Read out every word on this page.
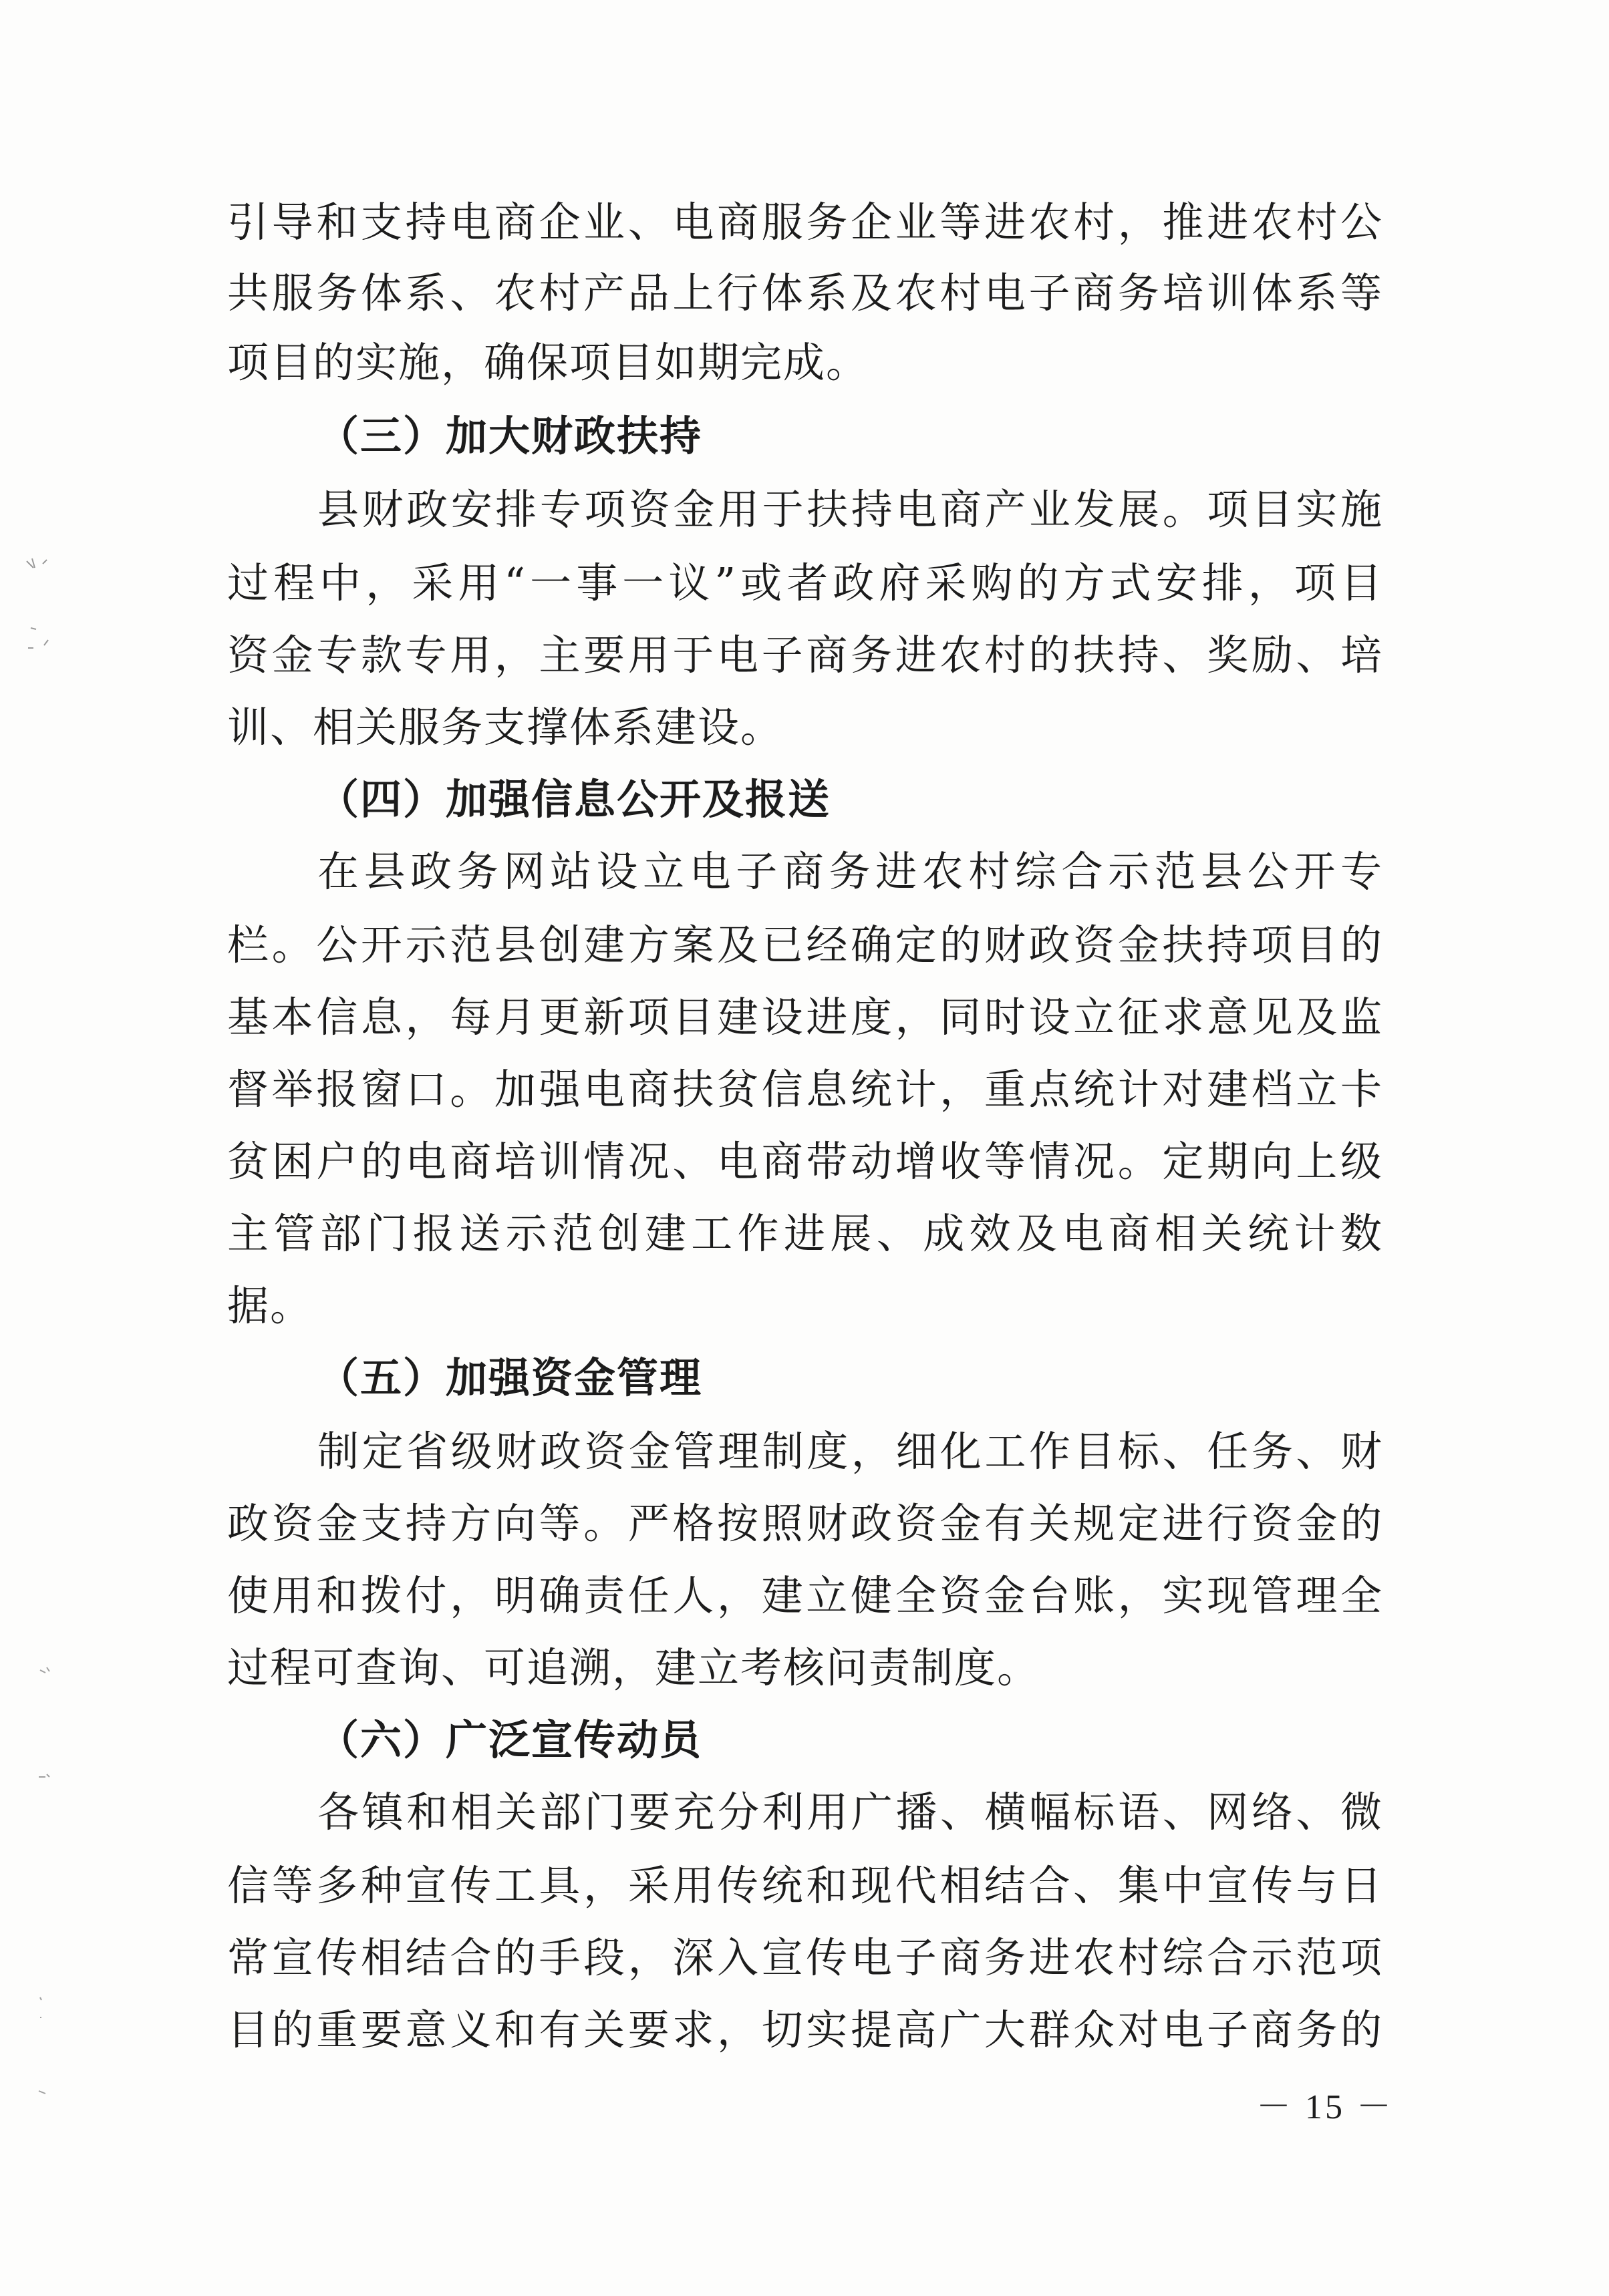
引导和支持电商企业、电商服务企业等进农村，推进农村公
共服务体系、农村产品上行体系及农村电子商务培训体系等
项目的实施，确保项目如期完成。
（三）加大财政扶持
县财政安排专项资金用于扶持电商产业发展。项目实施
过程中，采用“一事一议”或者政府采购的方式安排，项目
资金专款专用，主要用于电子商务进农村的扶持、奖励、培
训、相关服务支撑体系建设。
（四）加强信息公开及报送
在县政务网站设立电子商务进农村综合示范县公开专
栏。公开示范县创建方案及已经确定的财政资金扶持项目的
基本信息，每月更新项目建设进度，同时设立征求意见及监
督举报窗口。加强电商扶贫信息统计，重点统计对建档立卡
贫困户的电商培训情况、电商带动增收等情况。定期向上级
主管部门报送示范创建工作进展、成效及电商相关统计数
据。
（五）加强资金管理
制定省级财政资金管理制度，细化工作目标、任务、财
政资金支持方向等。严格按照财政资金有关规定进行资金的
使用和拨付，明确责任人，建立健全资金台账，实现管理全
过程可查询、可追溯，建立考核问责制度。
（六）广泛宣传动员
各镇和相关部门要充分利用广播、横幅标语、网络、微
信等多种宣传工具，采用传统和现代相结合、集中宣传与日
常宣传相结合的手段，深入宣传电子商务进农村综合示范项
目的重要意义和有关要求，切实提高广大群众对电子商务的
－ 15 －
